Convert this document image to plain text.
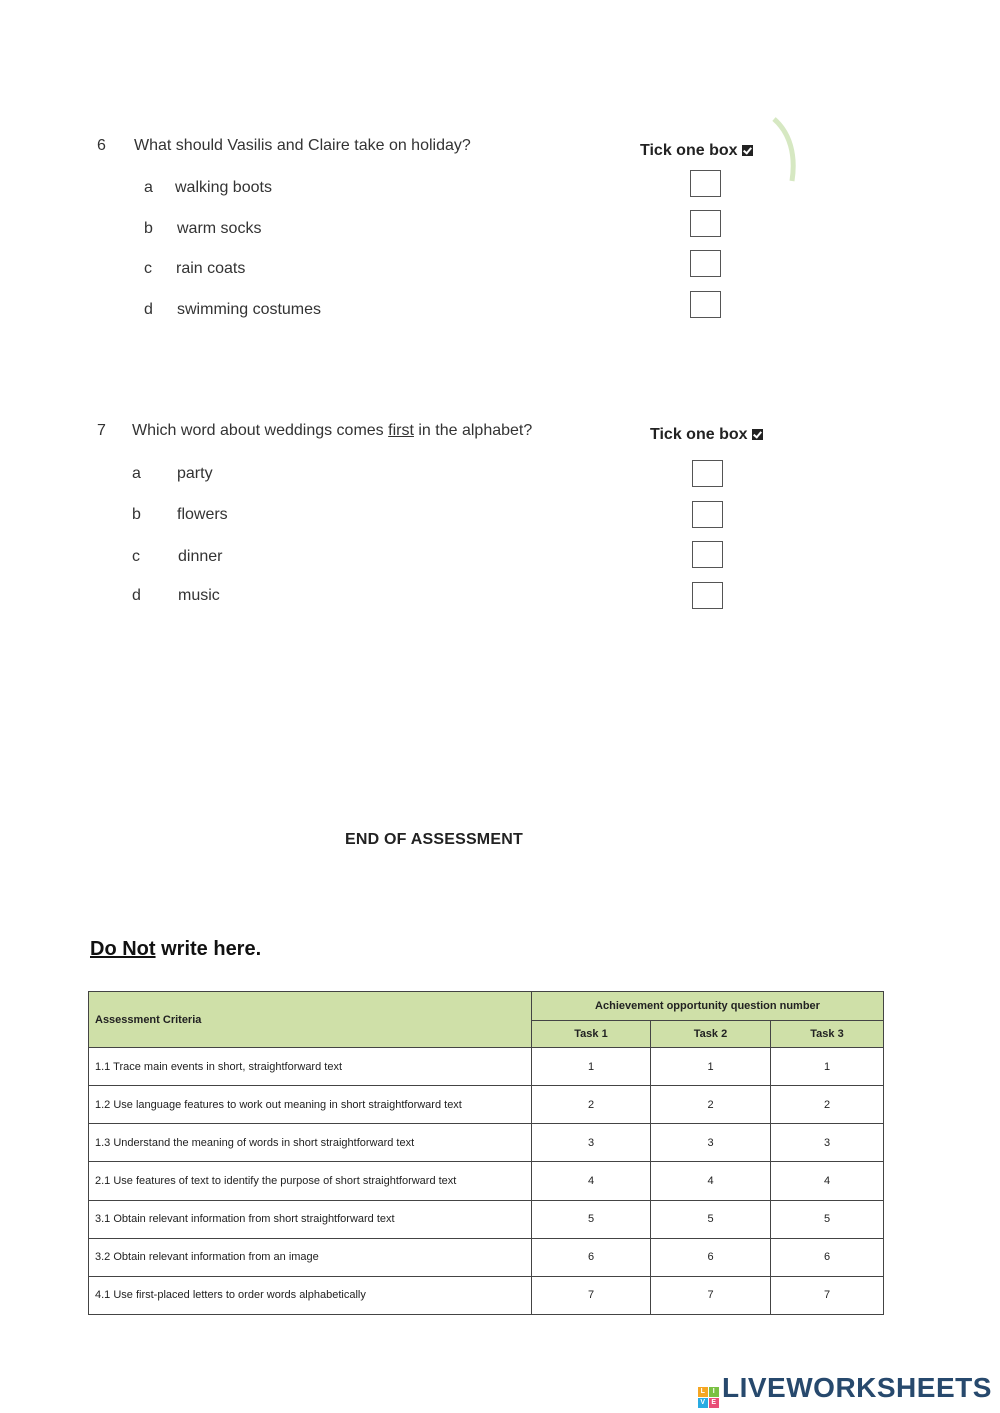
6 What should Vasilis and Claire take on holiday?	Tick one box
a walking boots
b warm socks
c rain coats
d swimming costumes
7 Which word about weddings comes first in the alphabet?	Tick one box
a party
b flowers
c dinner
d music
END OF ASSESSMENT
Do Not write here.
Assessment Criteria	Achievement opportunity question number		
	Task 1	Task 2	Task 3
1.1 Trace main events in short, straightforward text	1	1	1
1.2 Use language features to work out meaning in short straightforward text	2	2	2
1.3 Understand the meaning of words in short straightforward text	3	3	3
2.1 Use features of text to identify the purpose of short straightforward text	4	4	4
3.1 Obtain relevant information from short straightforward text	5	5	5
3.2 Obtain relevant information from an image	6	6	6
4.1 Use first-placed letters to order words alphabetically	7	7	7
L	I
V E LIVEWORKSHEETS
